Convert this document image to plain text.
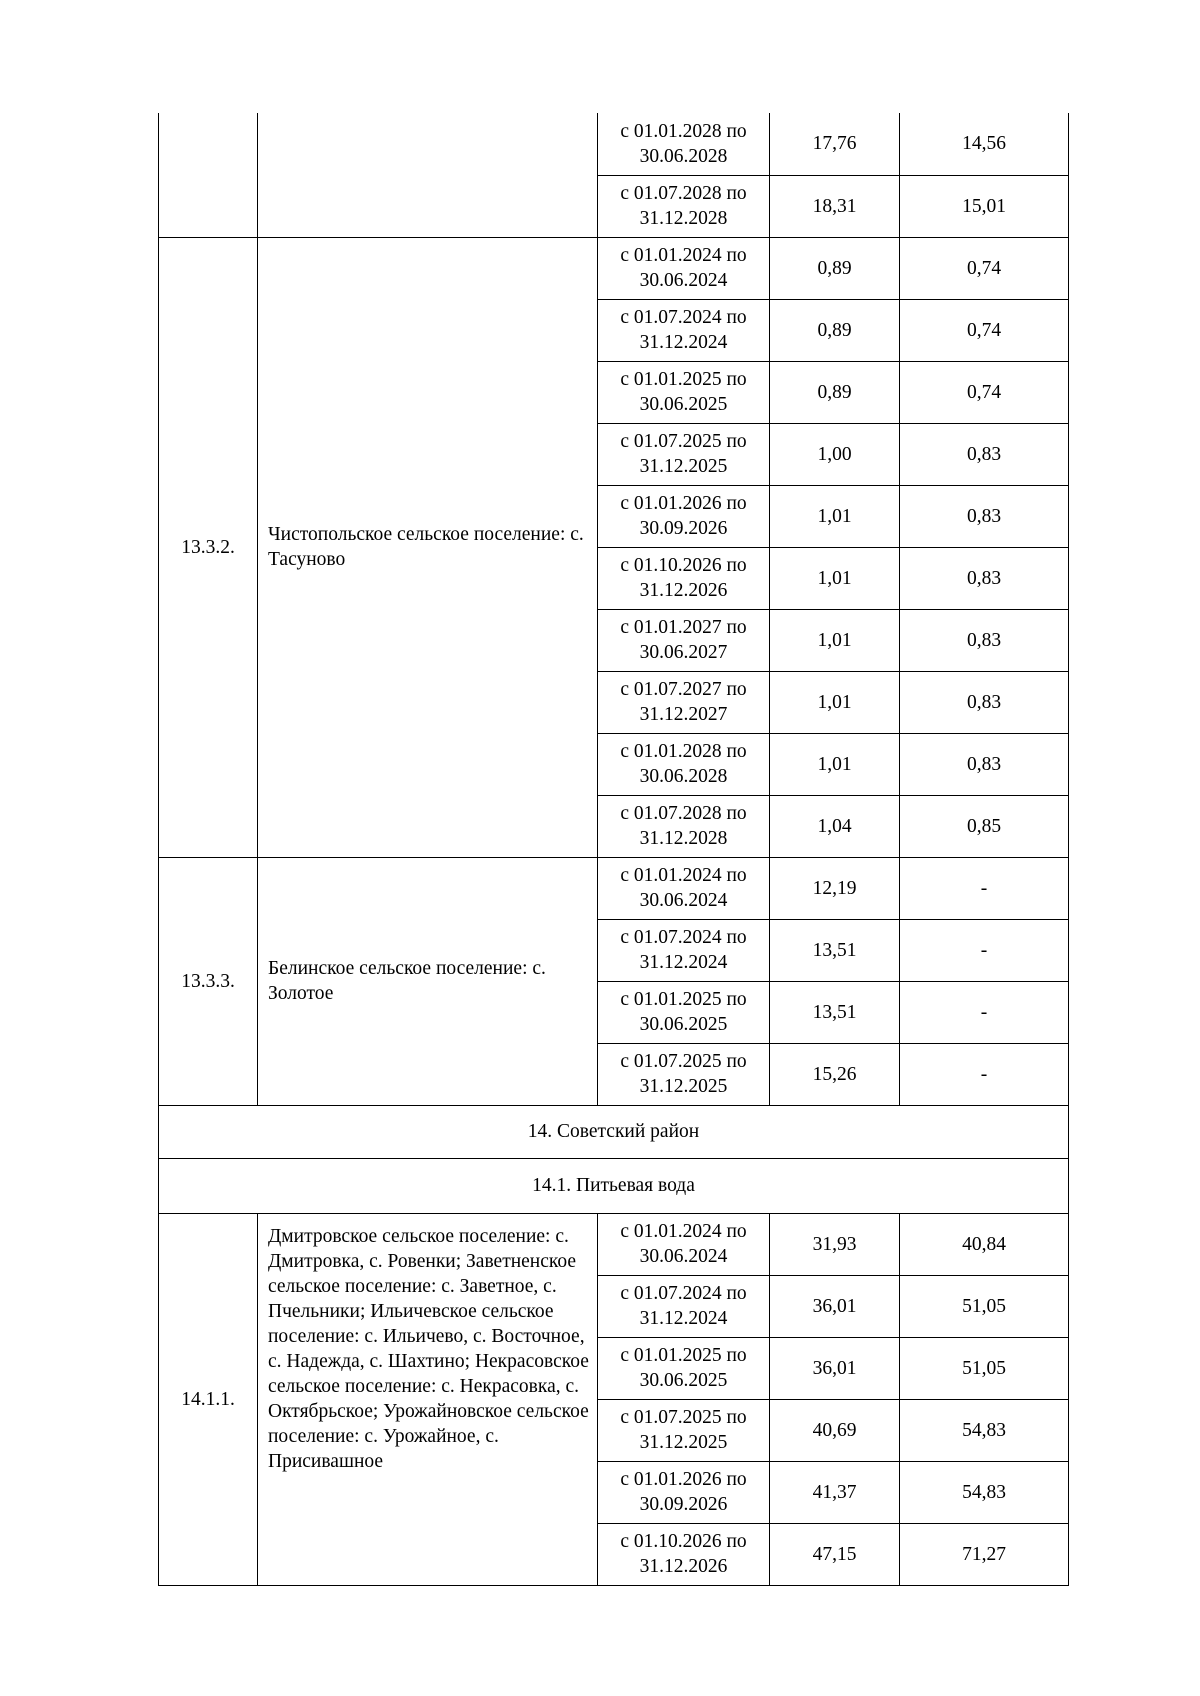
		с 01.01.2028 по
30.06.2028	17,76	14,56

		с 01.07.2028 по
31.12.2028	18,31	15,01
13.3.2.	Чистопольское сельское поселение: с. Тасуново	с 01.01.2024 по
30.06.2024	0,89	0,74

		с 01.07.2024 по
31.12.2024	0,89	0,74

		с 01.01.2025 по
30.06.2025	0,89	0,74

		с 01.07.2025 по
31.12.2025	1,00	0,83

		с 01.01.2026 по
30.09.2026	1,01	0,83

		с 01.10.2026 по
31.12.2026	1,01	0,83

		с 01.01.2027 по
30.06.2027	1,01	0,83

		с 01.07.2027 по
31.12.2027	1,01	0,83

		с 01.01.2028 по
30.06.2028	1,01	0,83

		с 01.07.2028 по
31.12.2028	1,04	0,85
13.3.3.	Белинское сельское поселение: с. Золотое	с 01.01.2024 по
30.06.2024	12,19	-

		с 01.07.2024 по
31.12.2024	13,51	-

		с 01.01.2025 по
30.06.2025	13,51	-

		с 01.07.2025 по
31.12.2025	15,26	-
14. Советский район				
14.1. Питьевая вода				
14.1.1.	Дмитровское сельское поселение: с. Дмитровка, с. Ровенки; Заветненское сельское поселение: с. Заветное, с. Пчельники; Ильичевское сельское поселение: с. Ильичево, с. Восточное, с. Надежда, с. Шахтино; Некрасовское сельское поселение: с. Некрасовка, с. Октябрьское; Урожайновское сельское поселение: с. Урожайное, с. Присивашное	с 01.01.2024 по
30.06.2024	31,93	40,84

		с 01.07.2024 по
31.12.2024	36,01	51,05

		с 01.01.2025 по
30.06.2025	36,01	51,05

		с 01.07.2025 по
31.12.2025	40,69	54,83

		с 01.01.2026 по
30.09.2026	41,37	54,83

		с 01.10.2026 по
31.12.2026	47,15	71,27
